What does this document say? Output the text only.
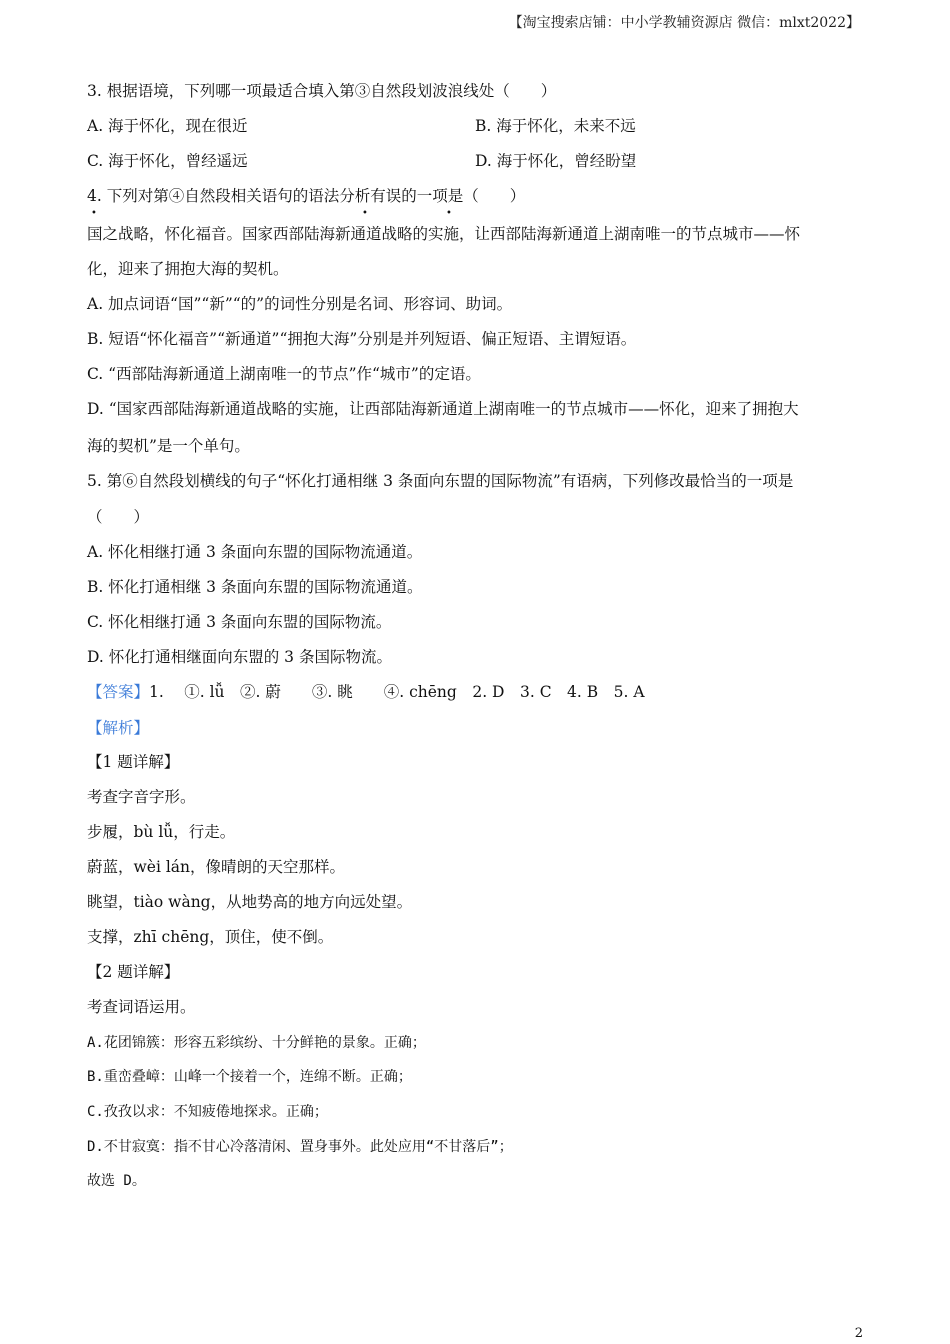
【淘宝搜索店铺：中小学教辅资源店 微信：mlxt2022】
3. 根据语境，下列哪一项最适合填入第③自然段划波浪线处（　　）
A. 海于怀化，现在很近	B. 海于怀化，未来不远
C. 海于怀化，曾经遥远	D. 海于怀化，曾经盼望
4. 下列对第④自然段相关语句的语法分析有误的一项是（　　）
•	•	•
国之战略，怀化福音。国家西部陆海新通道战略的实施，让西部陆海新通道上湖南唯一的节点城市——怀
化，迎来了拥抱大海的契机。
A. 加点词语“国”“新”“的”的词性分别是名词、形容词、助词。
B. 短语“怀化福音”“新通道”“拥抱大海”分别是并列短语、偏正短语、主谓短语。
C. “西部陆海新通道上湖南唯一的节点”作“城市”的定语。
D. “国家西部陆海新通道战略的实施，让西部陆海新通道上湖南唯一的节点城市——怀化，迎来了拥抱大
海的契机”是一个单句。
5. 第⑥自然段划横线的句子“怀化打通相继 3 条面向东盟的国际物流”有语病，下列修改最恰当的一项是
（　　）
A. 怀化相继打通 3 条面向东盟的国际物流通道。
B. 怀化打通相继 3 条面向东盟的国际物流通道。
C. 怀化相继打通 3 条面向东盟的国际物流。
D. 怀化打通相继面向东盟的 3 条国际物流。
【答案】1.　 ①. lǚ　②. 蔚　　③. 眺　　④. chēng　2. D　3. C　4. B　5. A
【解析】
【1 题详解】
考查字音字形。
步履，bù lǚ，行走。
蔚蓝，wèi lán，像晴朗的天空那样。
眺望，tiào wàng，从地势高的地方向远处望。
支撑，zhī chēng，顶住，使不倒。
【2 题详解】
考查词语运用。
A.花团锦簇：形容五彩缤纷、十分鲜艳的景象。正确；
B.重峦叠嶂：山峰一个接着一个，连绵不断。正确；
C.孜孜以求：不知疲倦地探求。正确；
D.不甘寂寞：指不甘心冷落清闲、置身事外。此处应用“不甘落后”；
故选 D。
2
